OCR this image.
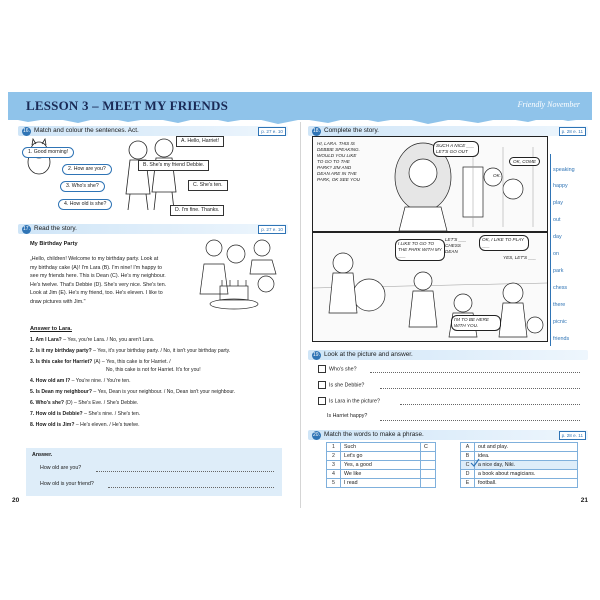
LESSON 3 – MEET MY FRIENDS	Friendly November
16. Match and colour the sentences. Act.	p. 27 e. 10
1. Good morning!
2. How are you?
3. Who's she?
4. How old is she?
A. Hello, Harriet!
B. She's my friend Debbie.
C. She's ten.
D. I'm fine. Thanks.
17. Read the story.	p. 27 e. 10
My Birthday Party
„Hello, children! Welcome to my birthday party. Look at
my birthday cake (A)! I'm Lara (B). I'm nine! I'm happy to
see my friends here. This is Dean (C). He's my neighbour.
He's twelve. That's Debbie (D). She's very nice. She's ten.
Look at Jim (E). He's my friend, too. He's eleven. I like to
draw pictures with Jim."
Answer to Lara.
1. Am I Lara? – Yes, you're Lara. / No, you aren't Lara.
2. Is it my birthday party? – Yes, it's your birthday party. / No, it isn't your birthday party.
3. Is this cake for Harriet? (A) – Yes, this cake is for Harriet. /
No, this cake is not for Harriet. It's for you!
4. How old am I? – You're nine. / You're ten.
5. Is Dean my neighbour? – Yes, Dean is your neighbour. / No, Dean isn't your neighbour.
6. Who's she? (D) – She's Eve. / She's Debbie.
7. How old is Debbie? – She's nine. / She's ten.
8. How old is Jim? – He's eleven. / He's twelve.
Answer.
How old are you?
How old is your friend?
20
18. Complete the story.	p. 28 e. 11
HI, LARA. THIS IS DEBBIE SPEAKING. WOULD YOU LIKE TO GO TO THE PARK? JIM AND DEAN ARE IN THE PARK, OK SEE YOU
SUCH A NICE ___ LET'S GO OUT
OK, COME
OK.
I LIKE TO GO TO THE PARK WITH MY ___
LET'S ___ CHESS DEAN
OK, I LIKE TO PLAY ___
YES, LET'S ___
I'M TO BE HERE WITH YOU.
speaking
happy
play
out
day
on
park
chess
there
picnic
friends
19. Look at the picture and answer.
Who's she?
Is she Debbie?
Is Lara in the picture?
Is Harriet happy?
20. Match the words to make a phrase.	p. 28 e. 11
1	Such	C
2	Let's go	
3	Yes, a good	
4	We like	
5	I read	
A	out and play.
B	idea.
C	a nice day, Niki.
D	a book about magicians.
E	football.
21
